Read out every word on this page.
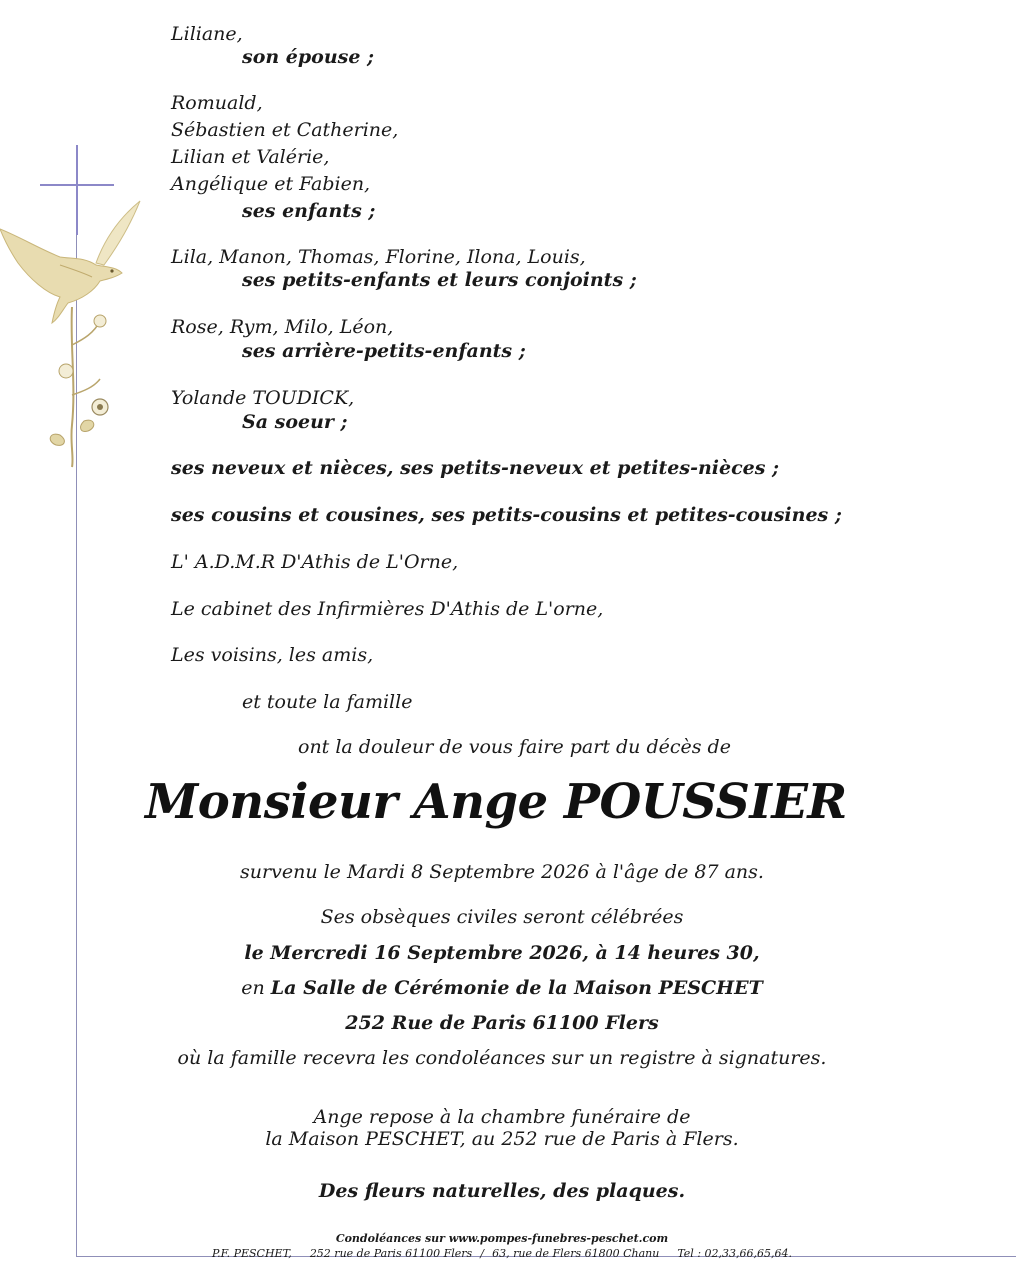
Liliane,
son épouse ;
Romuald,
Sébastien et Catherine,
Lilian et Valérie,
Angélique et Fabien,
ses enfants ;
Lila, Manon, Thomas, Florine, Ilona, Louis,
ses petits-enfants et leurs conjoints ;
Rose, Rym, Milo, Léon,
ses arrière-petits-enfants ;
Yolande TOUDICK,
Sa soeur ;
ses neveux et nièces, ses petits-neveux et petites-nièces ;
ses cousins et cousines, ses petits-cousins et petites-cousines ;
L' A.D.M.R D'Athis de L'Orne,
Le cabinet des Infirmières D'Athis de L'orne,
Les voisins, les amis,
et toute la famille
ont la douleur de vous faire part du décès de
Monsieur Ange POUSSIER
survenu le Mardi 8 Septembre 2026 à l'âge de 87 ans.
Ses obsèques civiles seront célébrées
le Mercredi 16 Septembre 2026, à 14 heures 30,
en La Salle de Cérémonie de la Maison PESCHET
252 Rue de Paris 61100 Flers
où la famille recevra les condoléances sur un registre à signatures.
Ange repose à la chambre funéraire de
la Maison PESCHET, au 252 rue de Paris à Flers.
Des fleurs naturelles, des plaques.
Condoléances sur www.pompes-funebres-peschet.com
P.F. PESCHET, 252 rue de Paris 61100 Flers / 63, rue de Flers 61800 Chanu Tel : 02,33,66,65,64.
